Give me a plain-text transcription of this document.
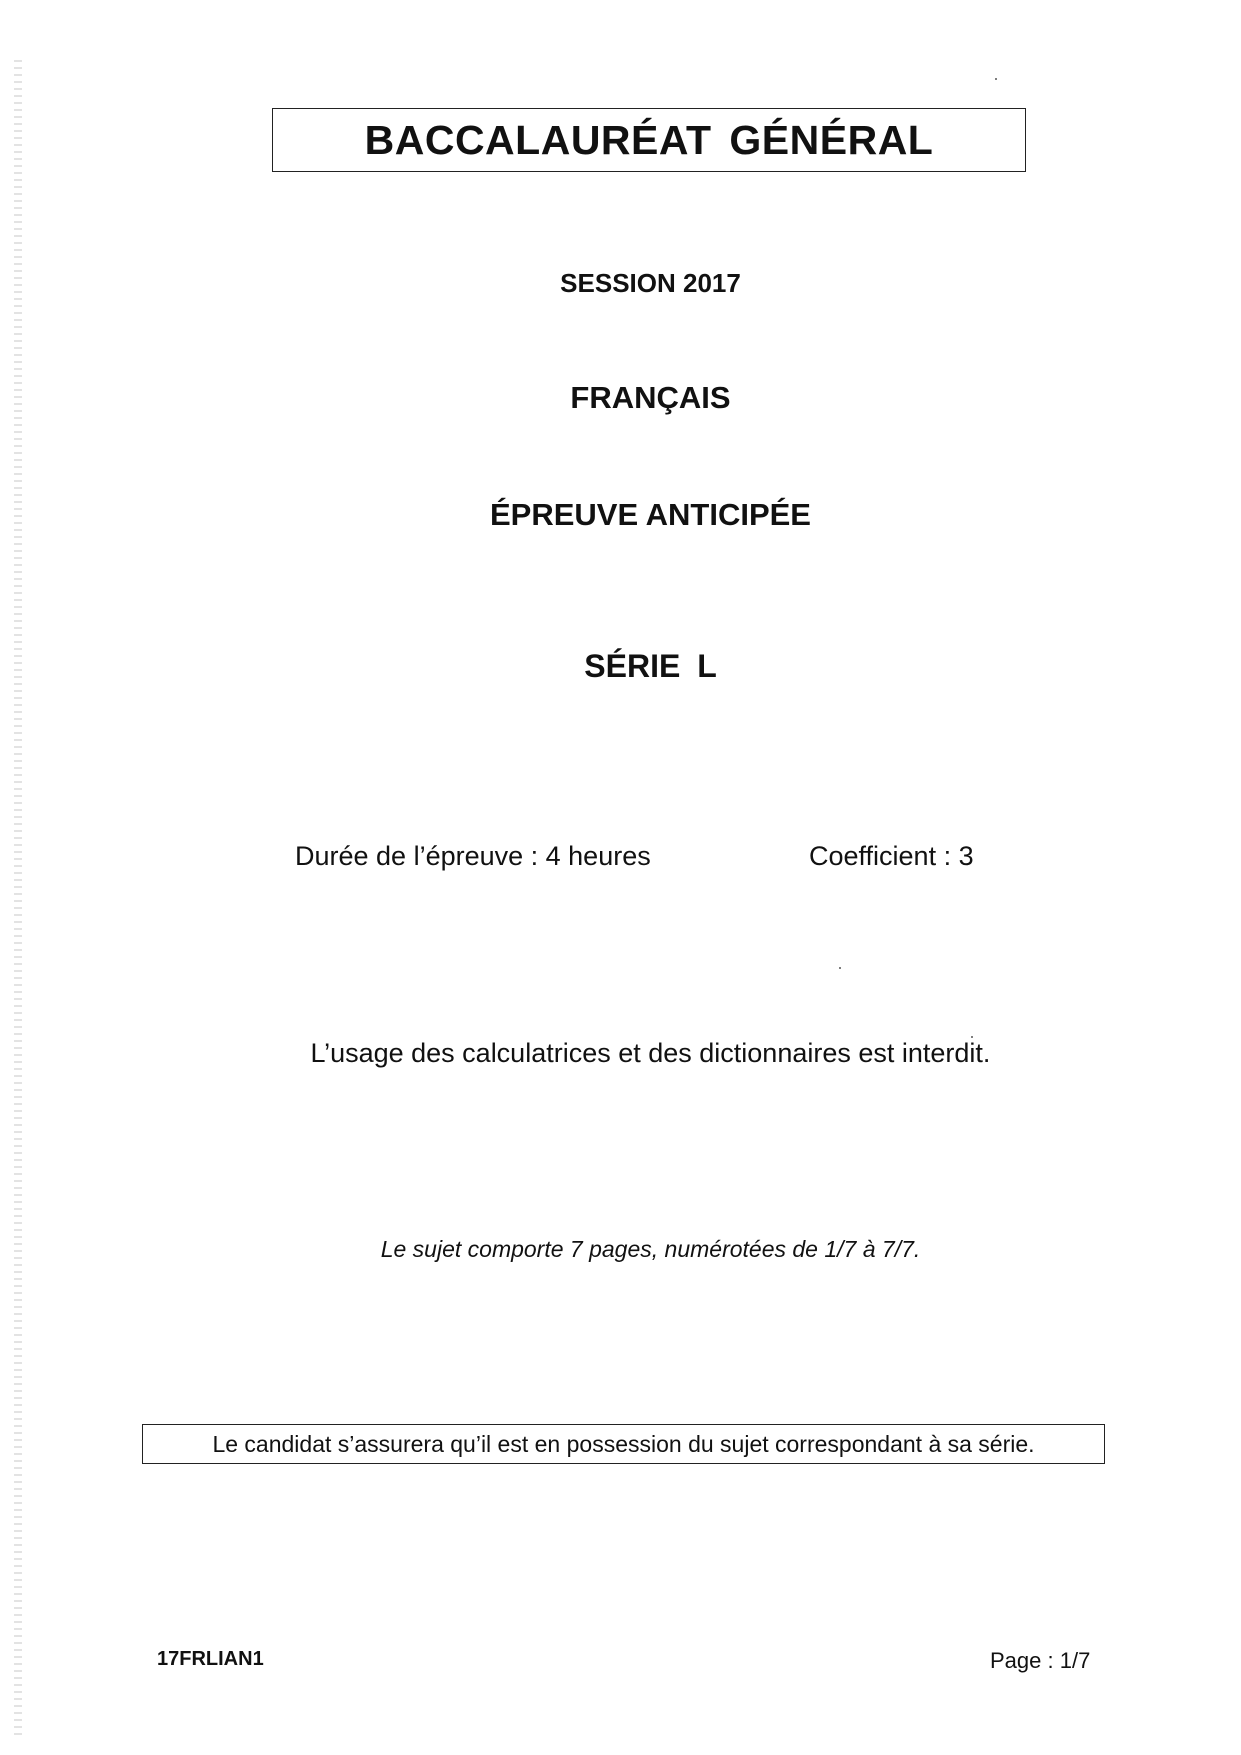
BACCALAURÉAT GÉNÉRAL
SESSION 2017
FRANÇAIS
ÉPREUVE ANTICIPÉE
SÉRIE L
Durée de l’épreuve : 4 heures	Coefficient : 3
L’usage des calculatrices et des dictionnaires est interdit.
Le sujet comporte 7 pages, numérotées de 1/7 à 7/7.
Le candidat s’assurera qu’il est en possession du sujet correspondant à sa série.
17FRLIAN1	Page : 1/7
